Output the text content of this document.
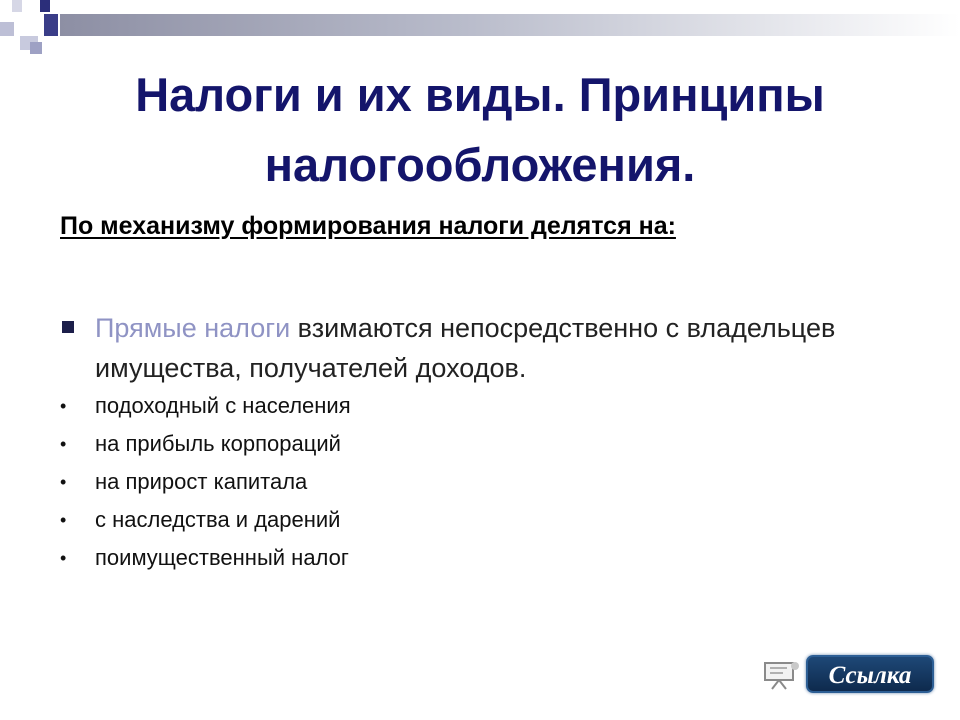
Налоги и их виды. Принципы налогообложения.

По механизму формирования налоги делятся на:

Прямые налоги взимаются непосредственно с владельцев имущества, получателей доходов.
• подоходный с населения
• на прибыль корпораций
• на прирост капитала
• с наследства и дарений
• поимущественный налог
Ссылка
